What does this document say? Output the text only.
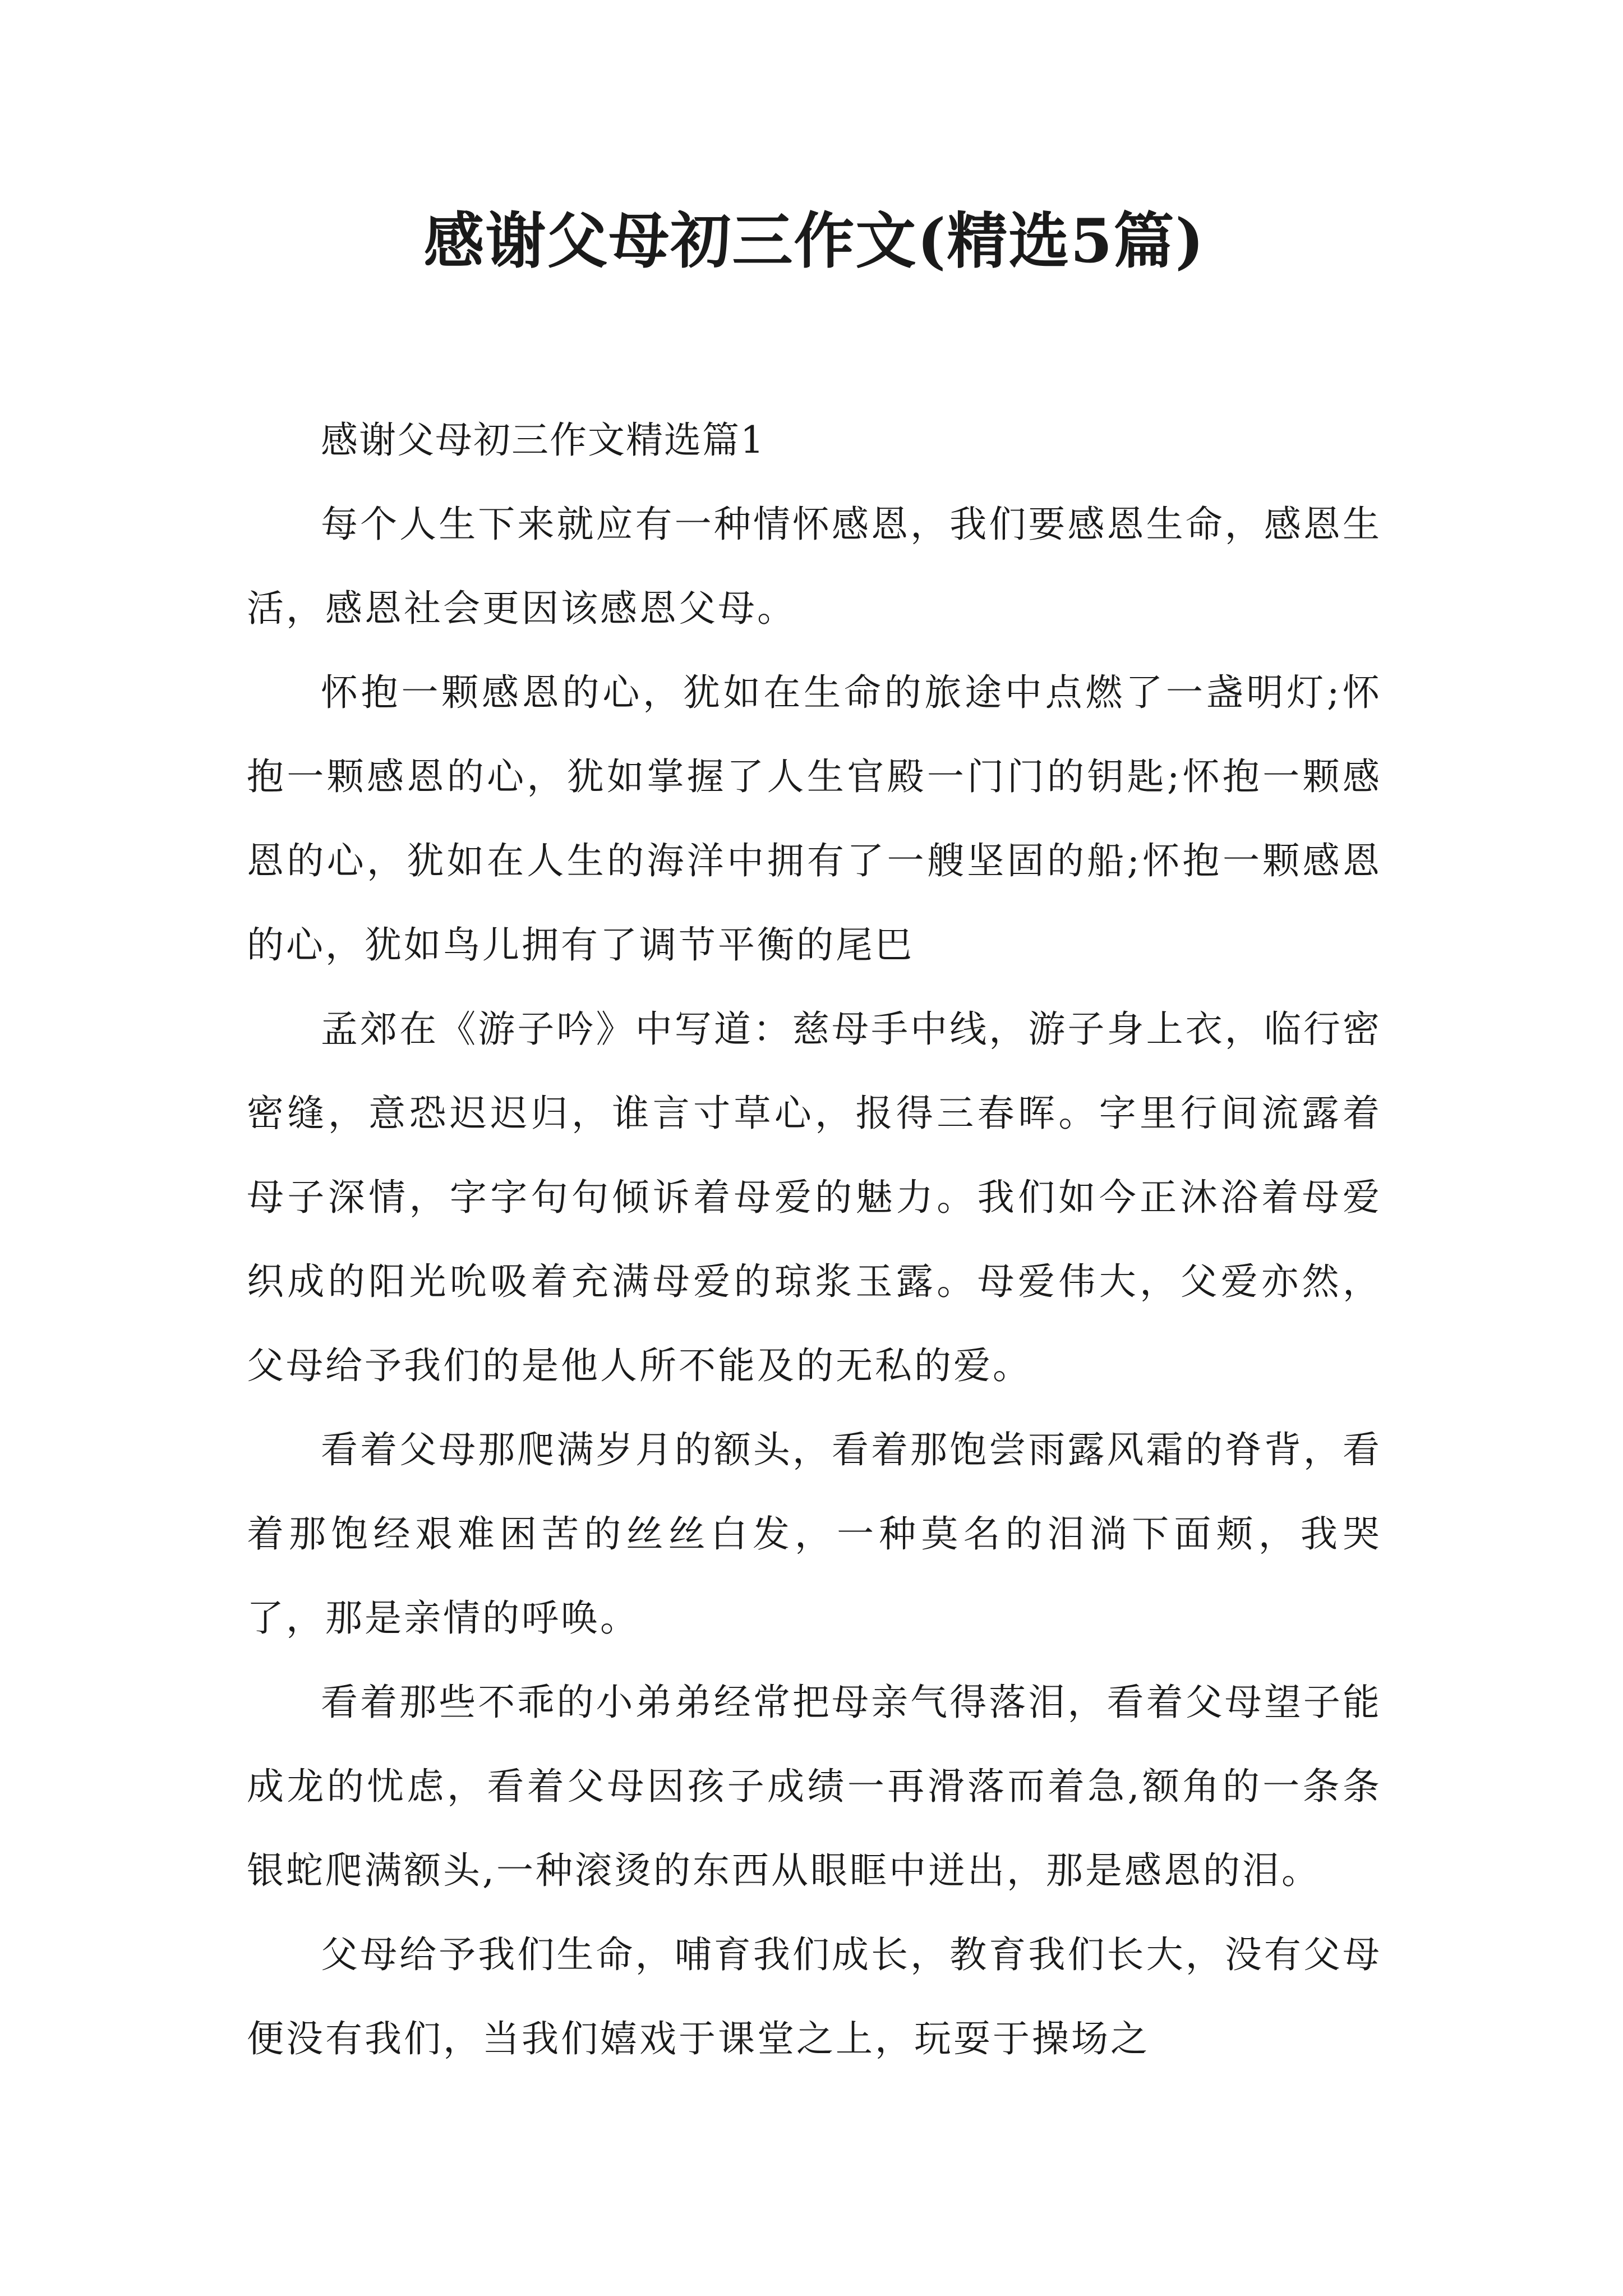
感谢父母初三作文(精选5篇)

感谢父母初三作文精选篇1

每个人生下来就应有一种情怀感恩，我们要感恩生命，感恩生活，感恩社会更因该感恩父母。

怀抱一颗感恩的心，犹如在生命的旅途中点燃了一盏明灯;怀抱一颗感恩的心，犹如掌握了人生官殿一门门的钥匙;怀抱一颗感恩的心，犹如在人生的海洋中拥有了一艘坚固的船;怀抱一颗感恩的心，犹如鸟儿拥有了调节平衡的尾巴

孟郊在《游子吟》中写道：慈母手中线，游子身上衣，临行密密缝，意恐迟迟归，谁言寸草心，报得三春晖。字里行间流露着母子深情，字字句句倾诉着母爱的魅力。我们如今正沐浴着母爱织成的阳光吮吸着充满母爱的琼浆玉露。母爱伟大，父爱亦然，父母给予我们的是他人所不能及的无私的爱。

看着父母那爬满岁月的额头，看着那饱尝雨露风霜的脊背，看着那饱经艰难困苦的丝丝白发，一种莫名的泪淌下面颊，我哭了，那是亲情的呼唤。

看着那些不乖的小弟弟经常把母亲气得落泪，看着父母望子能成龙的忧虑，看着父母因孩子成绩一再滑落而着急,额角的一条条银蛇爬满额头,一种滚烫的东西从眼眶中迸出，那是感恩的泪。

父母给予我们生命，哺育我们成长，教育我们长大，没有父母便没有我们，当我们嬉戏于课堂之上，玩耍于操场之
